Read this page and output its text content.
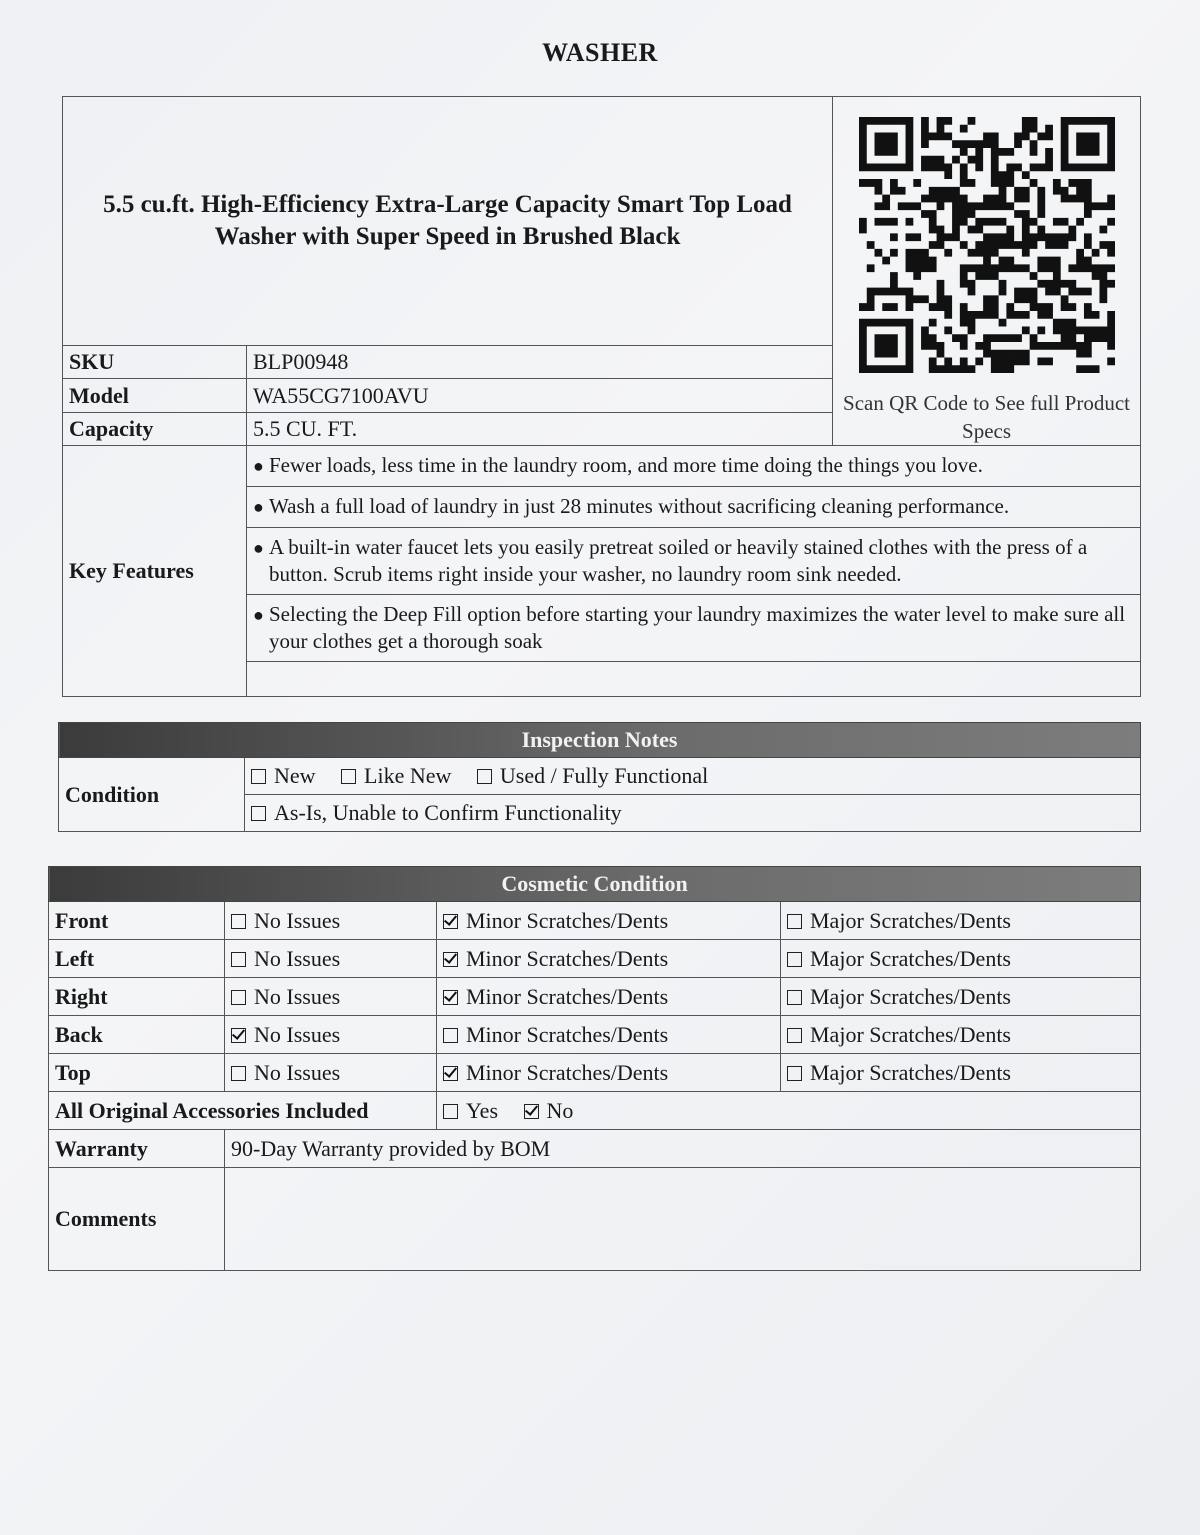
WASHER
5.5 cu.ft. High-Efficiency Extra-Large Capacity Smart Top Load Washer with Super Speed in Brushed Black		Scan QR Code to See full Product Specs

SKU	BLP00948	
Model	WA55CG7100AVU	
Capacity	5.5 CU. FT.	
Key Features	● Fewer loads, less time in the laundry room, and more time doing the things you love.	
	● Wash a full load of laundry in just 28 minutes without sacrificing cleaning performance.	
	● A built-in water faucet lets you easily pretreat soiled or heavily stained clothes with the press of a button. Scrub items right inside your washer, no laundry room sink needed.	
	● Selecting the Deep Fill option before starting your laundry maximizes the water level to make sure all your clothes get a thorough soak	

Inspection Notes
Condition	New Like New Used / Fully Functional
As-Is, Unable to Confirm Functionality
Cosmetic Condition			
Front	No Issues	Minor Scratches/Dents	Major Scratches/Dents
Left	No Issues	Minor Scratches/Dents	Major Scratches/Dents
Right	No Issues	Minor Scratches/Dents	Major Scratches/Dents
Back	No Issues	Minor Scratches/Dents	Major Scratches/Dents
Top	No Issues	Minor Scratches/Dents	Major Scratches/Dents
All Original Accessories Included		Yes No	
Warranty	90-Day Warranty provided by BOM		
Comments			
